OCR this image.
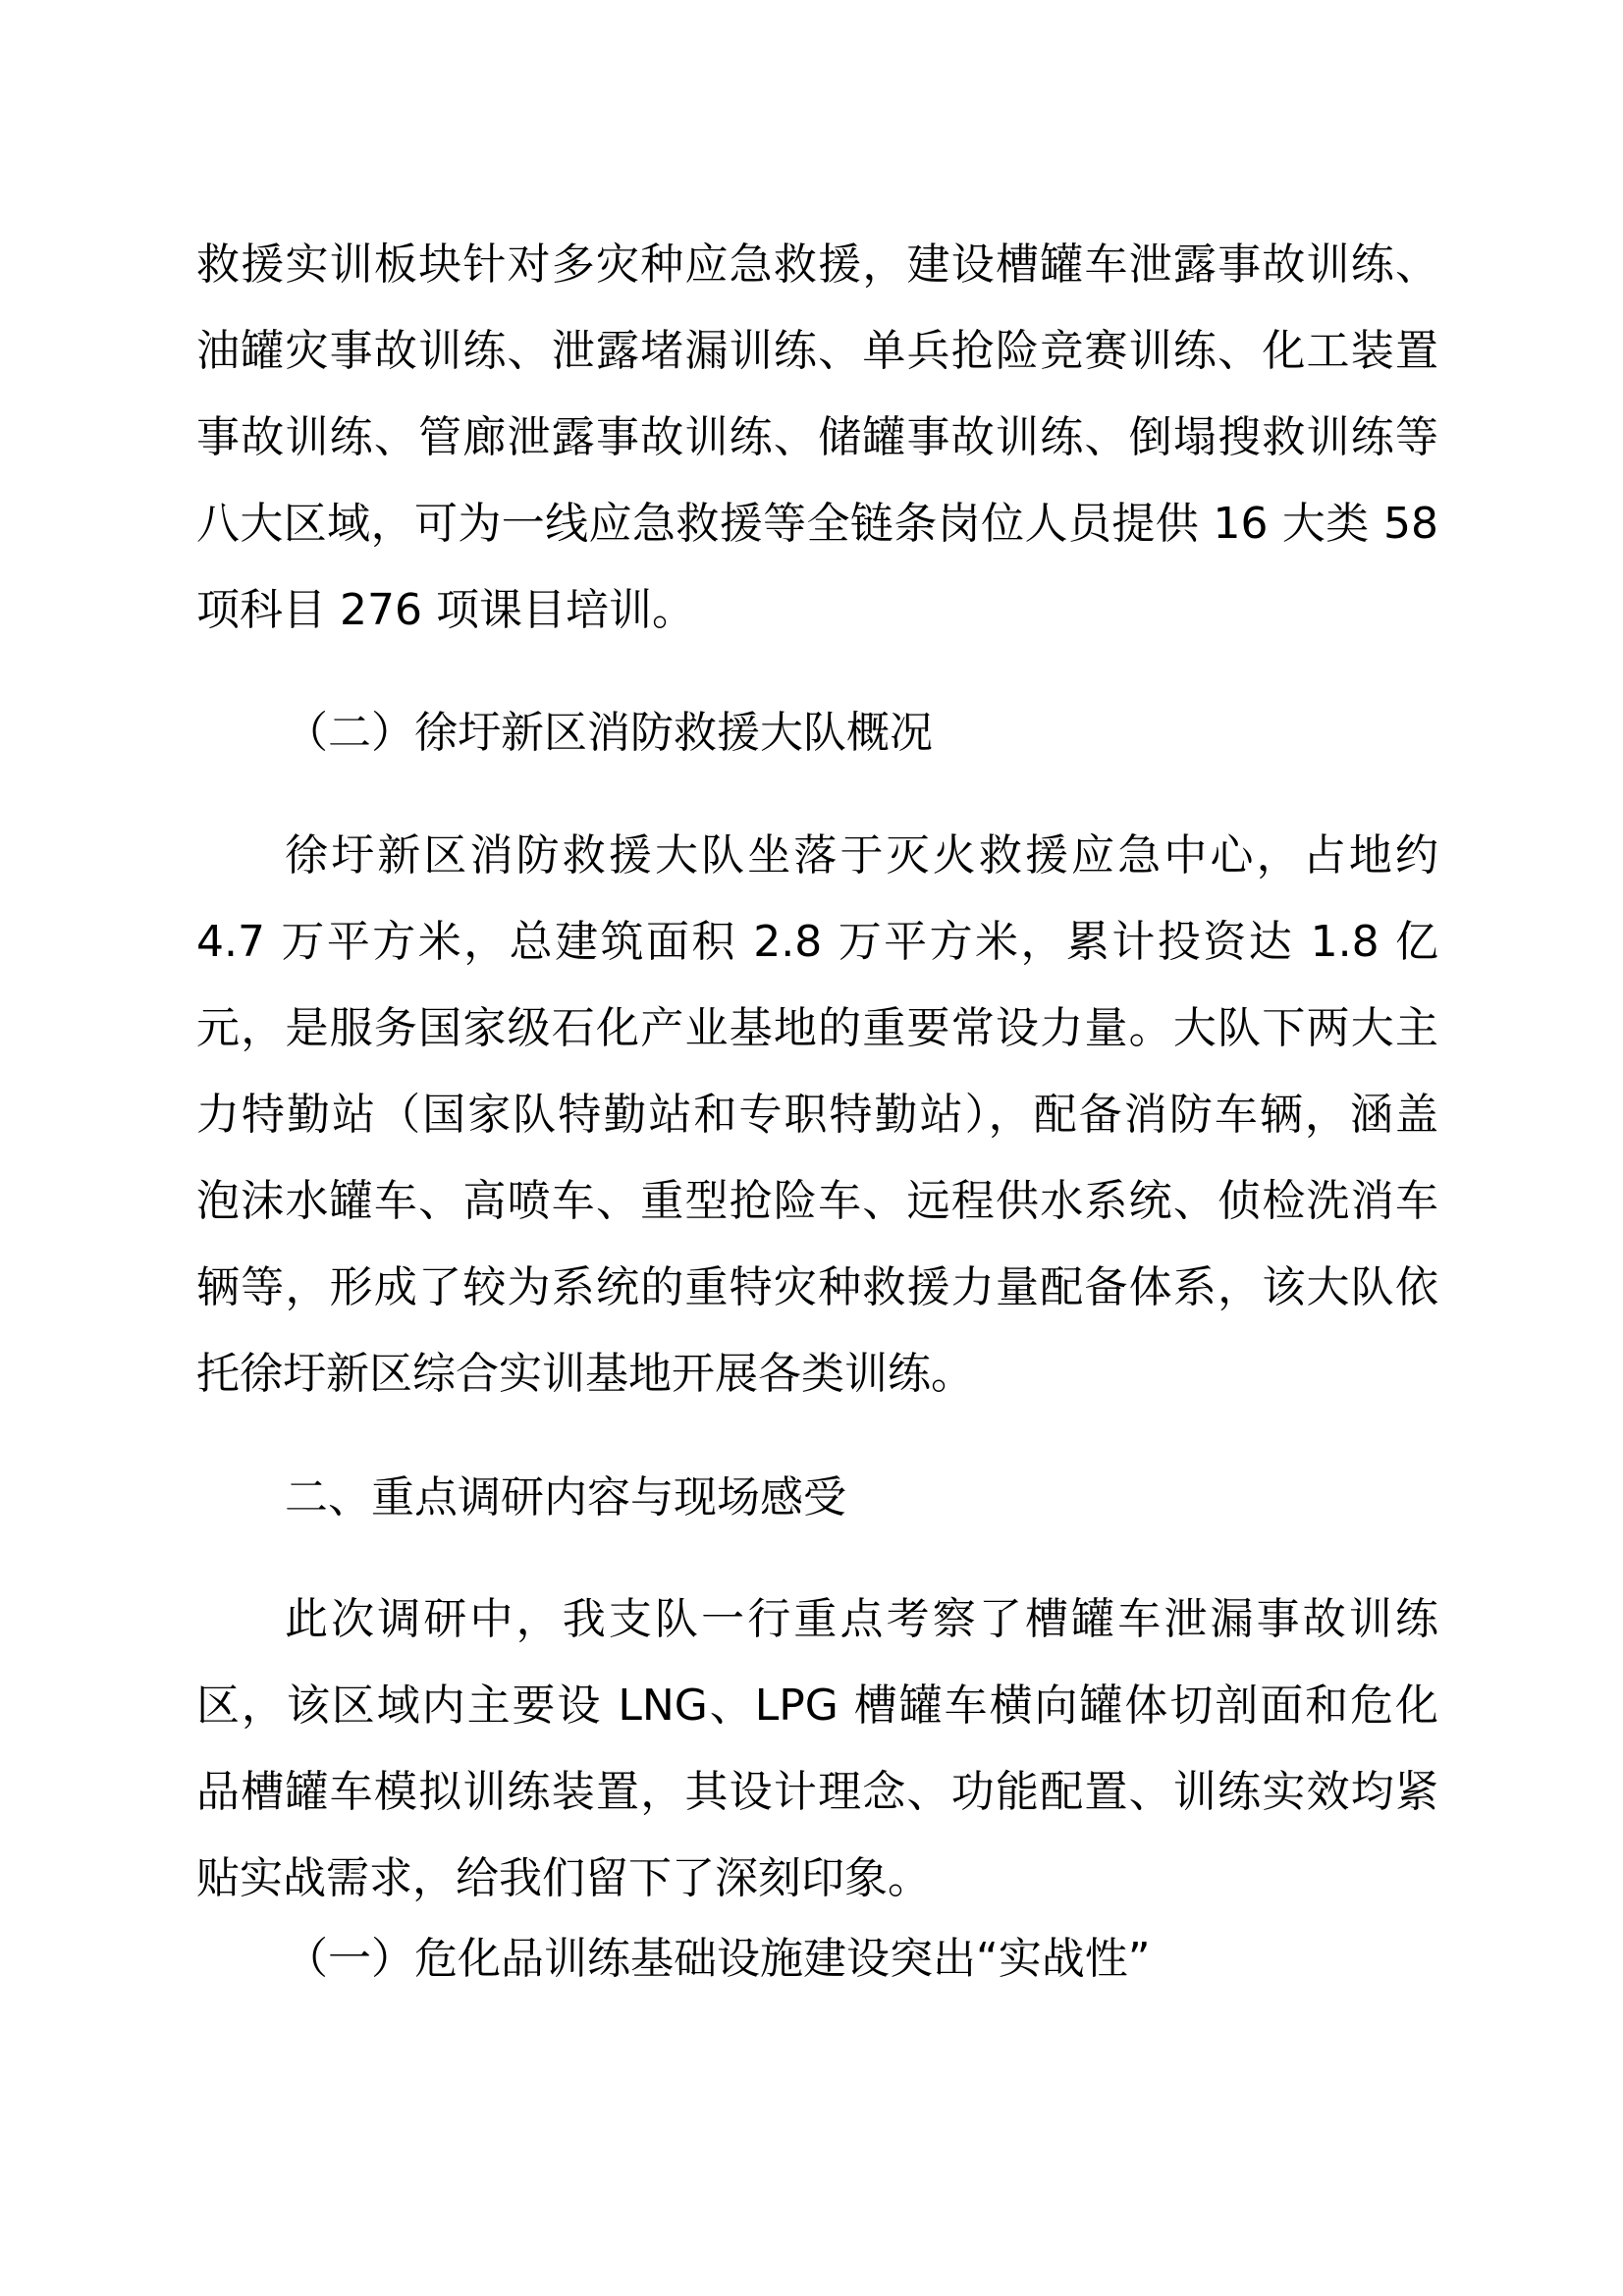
救援实训板块针对多灾种应急救援，建设槽罐车泄露事故训练、
油罐灾事故训练、泄露堵漏训练、单兵抢险竞赛训练、化工装置
事故训练、管廊泄露事故训练、储罐事故训练、倒塌搜救训练等
八大区域，可为一线应急救援等全链条岗位人员提供 16 大类 58
项科目 276 项课目培训。
（二）徐圩新区消防救援大队概况
徐圩新区消防救援大队坐落于灭火救援应急中心，占地约
4.7 万平方米，总建筑面积 2.8 万平方米，累计投资达 1.8 亿
元，是服务国家级石化产业基地的重要常设力量。大队下两大主
力特勤站（国家队特勤站和专职特勤站），配备消防车辆，涵盖
泡沫水罐车、高喷车、重型抢险车、远程供水系统、侦检洗消车
辆等，形成了较为系统的重特灾种救援力量配备体系，该大队依
托徐圩新区综合实训基地开展各类训练。
二、重点调研内容与现场感受
此次调研中，我支队一行重点考察了槽罐车泄漏事故训练
区，该区域内主要设 LNG、LPG 槽罐车横向罐体切剖面和危化
品槽罐车模拟训练装置，其设计理念、功能配置、训练实效均紧
贴实战需求，给我们留下了深刻印象。
（一）危化品训练基础设施建设突出“实战性”
